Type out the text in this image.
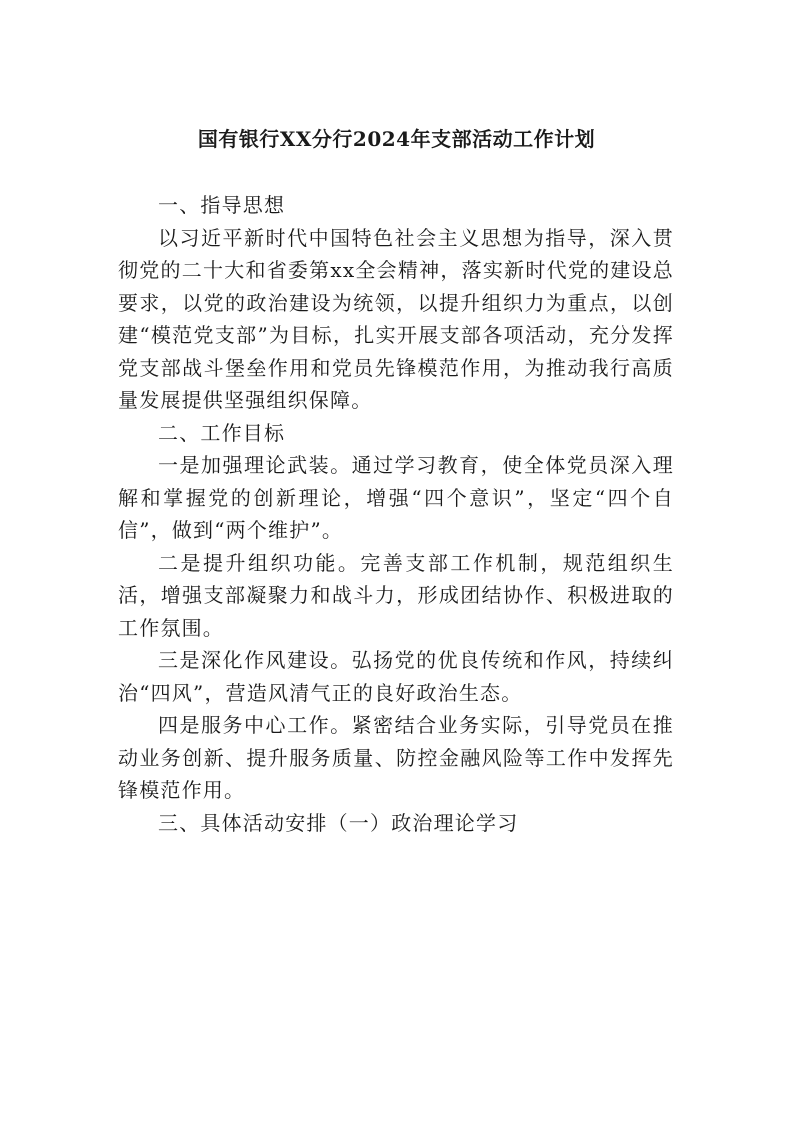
国有银行XX分行2024年支部活动工作计划

一、指导思想

以习近平新时代中国特色社会主义思想为指导，深入贯彻党的二十大和省委第xx全会精神，落实新时代党的建设总要求，以党的政治建设为统领，以提升组织力为重点，以创建“模范党支部”为目标，扎实开展支部各项活动，充分发挥党支部战斗堡垒作用和党员先锋模范作用，为推动我行高质量发展提供坚强组织保障。

二、工作目标

一是加强理论武装。通过学习教育，使全体党员深入理解和掌握党的创新理论，增强“四个意识”，坚定“四个自信”，做到“两个维护”。

二是提升组织功能。完善支部工作机制，规范组织生活，增强支部凝聚力和战斗力，形成团结协作、积极进取的工作氛围。

三是深化作风建设。弘扬党的优良传统和作风，持续纠治“四风”，营造风清气正的良好政治生态。

四是服务中心工作。紧密结合业务实际，引导党员在推动业务创新、提升服务质量、防控金融风险等工作中发挥先锋模范作用。

三、具体活动安排（一）政治理论学习
